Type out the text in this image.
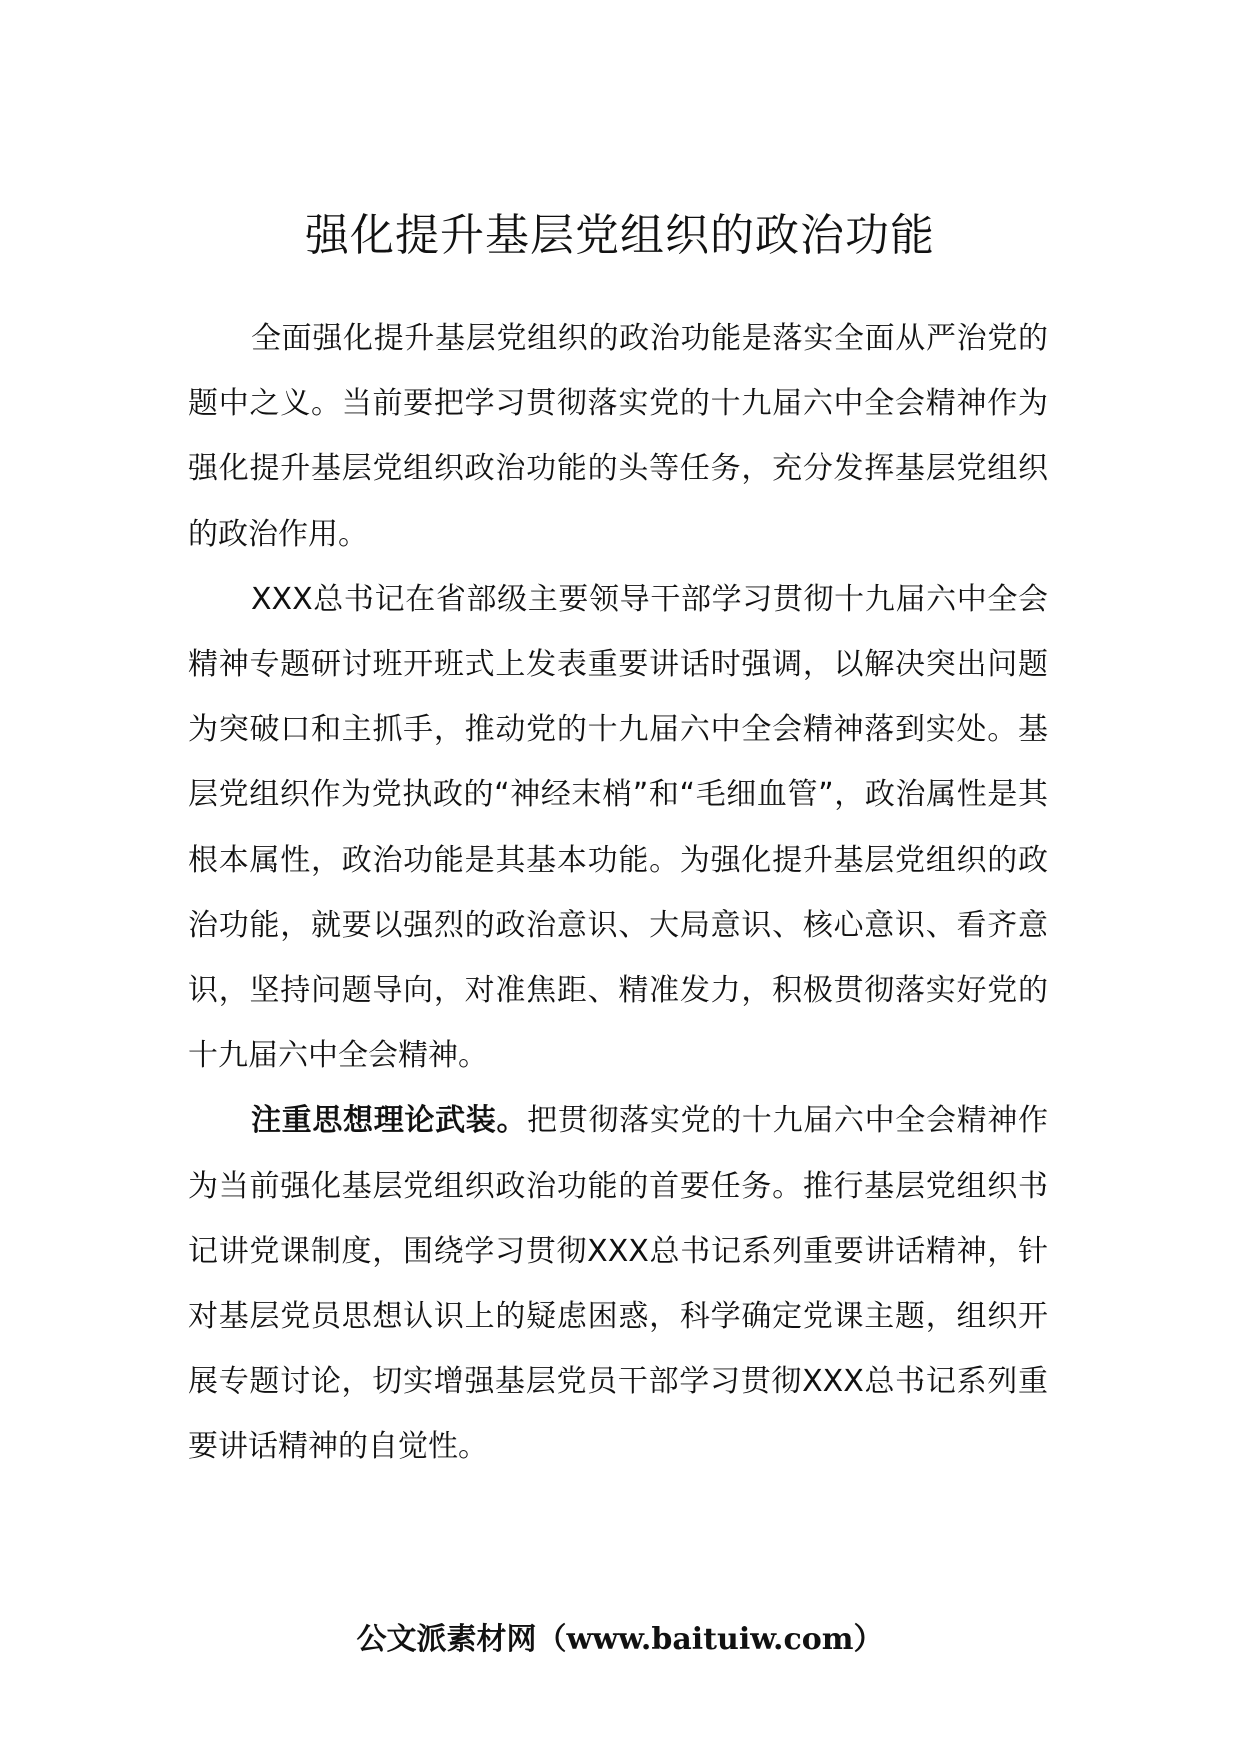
强化提升基层党组织的政治功能

全面强化提升基层党组织的政治功能是落实全面从严治党的题中之义。当前要把学习贯彻落实党的十九届六中全会精神作为强化提升基层党组织政治功能的头等任务，充分发挥基层党组织的政治作用。

XXX总书记在省部级主要领导干部学习贯彻十九届六中全会精神专题研讨班开班式上发表重要讲话时强调，以解决突出问题为突破口和主抓手，推动党的十九届六中全会精神落到实处。基层党组织作为党执政的“神经末梢”和“毛细血管”，政治属性是其根本属性，政治功能是其基本功能。为强化提升基层党组织的政治功能，就要以强烈的政治意识、大局意识、核心意识、看齐意识，坚持问题导向，对准焦距、精准发力，积极贯彻落实好党的十九届六中全会精神。

注重思想理论武装。把贯彻落实党的十九届六中全会精神作为当前强化基层党组织政治功能的首要任务。推行基层党组织书记讲党课制度，围绕学习贯彻XXX总书记系列重要讲话精神，针对基层党员思想认识上的疑虑困惑，科学确定党课主题，组织开展专题讨论，切实增强基层党员干部学习贯彻XXX总书记系列重要讲话精神的自觉性。

公文派素材网（www.baituiw.com）
